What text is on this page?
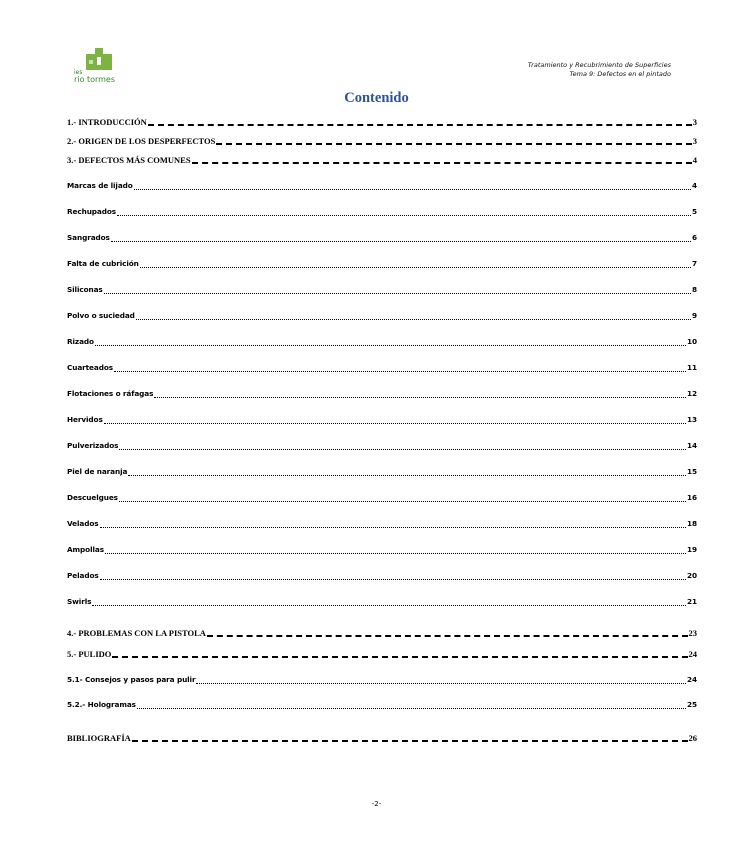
ies
rio tormes
Tratamiento y Recubrimiento de Superficies
Tema 9: Defectos en el pintado
Contenido
1.- INTRODUCCIÓN	3
2.- ORIGEN DE LOS DESPERFECTOS	3
3.- DEFECTOS MÁS COMUNES	4
Marcas de lijado	4
Rechupados	5
Sangrados	6
Falta de cubrición	7
Siliconas	8
Polvo o suciedad	9
Rizado	10
Cuarteados	11
Flotaciones o ráfagas	12
Hervidos	13
Pulverizados	14
Piel de naranja	15
Descuelgues	16
Velados	18
Ampollas	19
Pelados	20
Swirls	21
4.- PROBLEMAS CON LA PISTOLA	23
5.- PULIDO	24
5.1- Consejos y pasos para pulir	24
5.2.- Hologramas	25
BIBLIOGRAFÍA	26
-2-
